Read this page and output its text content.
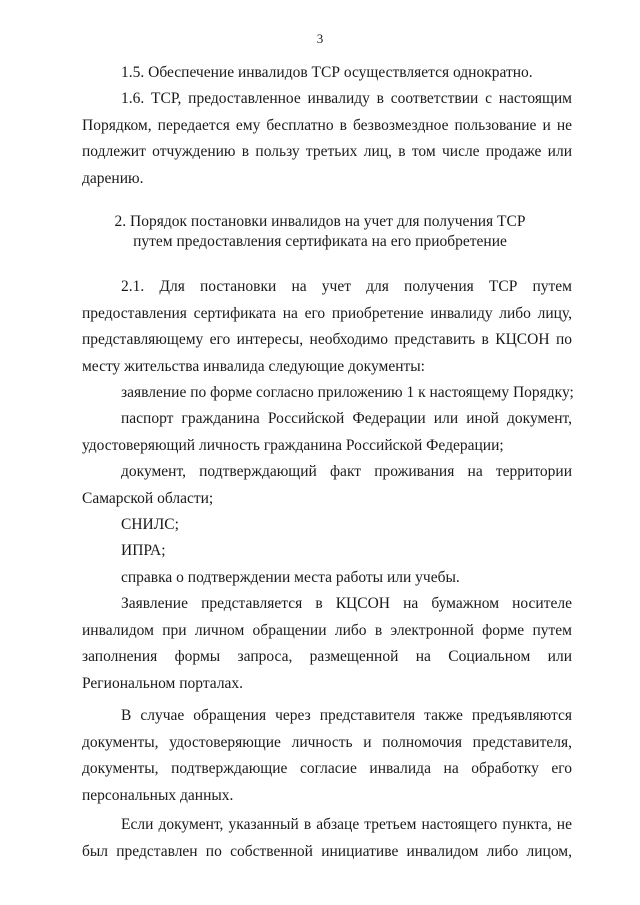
3
1.5. Обеспечение инвалидов ТСР осуществляется однократно.
1.6. ТСР, предоставленное инвалиду в соответствии с настоящим
Порядком, передается ему бесплатно в безвозмездное пользование и не
подлежит отчуждению в пользу третьих лиц, в том числе продаже или
дарению.
2. Порядок постановки инвалидов на учет для получения ТСР
путем предоставления сертификата на его приобретение
2.1. Для постановки на учет для получения ТСР путем
предоставления сертификата на его приобретение инвалиду либо лицу,
представляющему его интересы, необходимо представить в КЦСОН по
месту жительства инвалида следующие документы:
заявление по форме согласно приложению 1 к настоящему Порядку;
паспорт гражданина Российской Федерации или иной документ,
удостоверяющий личность гражданина Российской Федерации;
документ, подтверждающий факт проживания на территории
Самарской области;
СНИЛС;
ИПРА;
справка о подтверждении места работы или учебы.
Заявление представляется в КЦСОН на бумажном носителе
инвалидом при личном обращении либо в электронной форме путем
заполнения формы запроса, размещенной на Социальном или
Региональном порталах.
В случае обращения через представителя также предъявляются
документы, удостоверяющие личность и полномочия представителя,
документы, подтверждающие согласие инвалида на обработку его
персональных данных.
Если документ, указанный в абзаце третьем настоящего пункта, не
был представлен по собственной инициативе инвалидом либо лицом,
